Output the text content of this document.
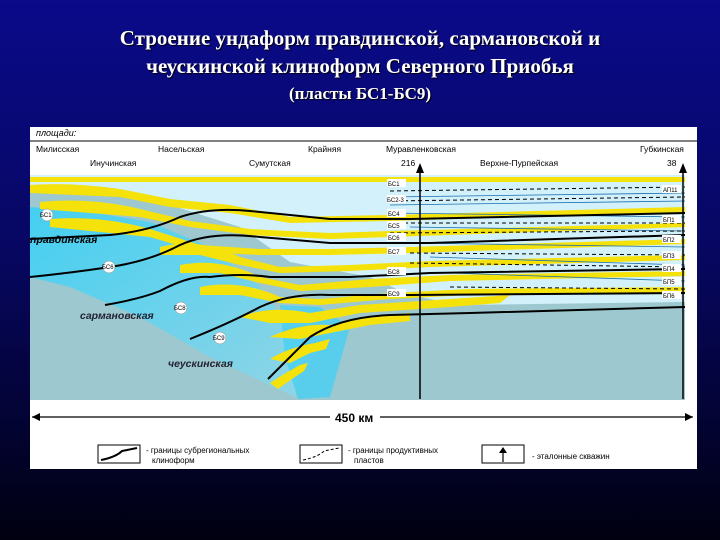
Строение ундаформ правдинской, сармановской и
чеускинской клиноформ Северного Приобья
(пласты БС1-БС9)
площади:
Милисская	Насельская	Крайняя	Муравленковская	Губкинская
Инучинская	Сумутская	216	Верхне-Пурпейская	38
правдинская
сармановская
чеускинская
БС1
БС6
БС8
БС9
БС1
БС2-3
БС4
БС5
БС6
БС7
БС8
БС9
АП11
БП1
БП2
БП3
БП4
БП5
БП6
450 км
- границы субрегиональных
клиноформ
- границы продуктивных
пластов	- эталонные скважин
